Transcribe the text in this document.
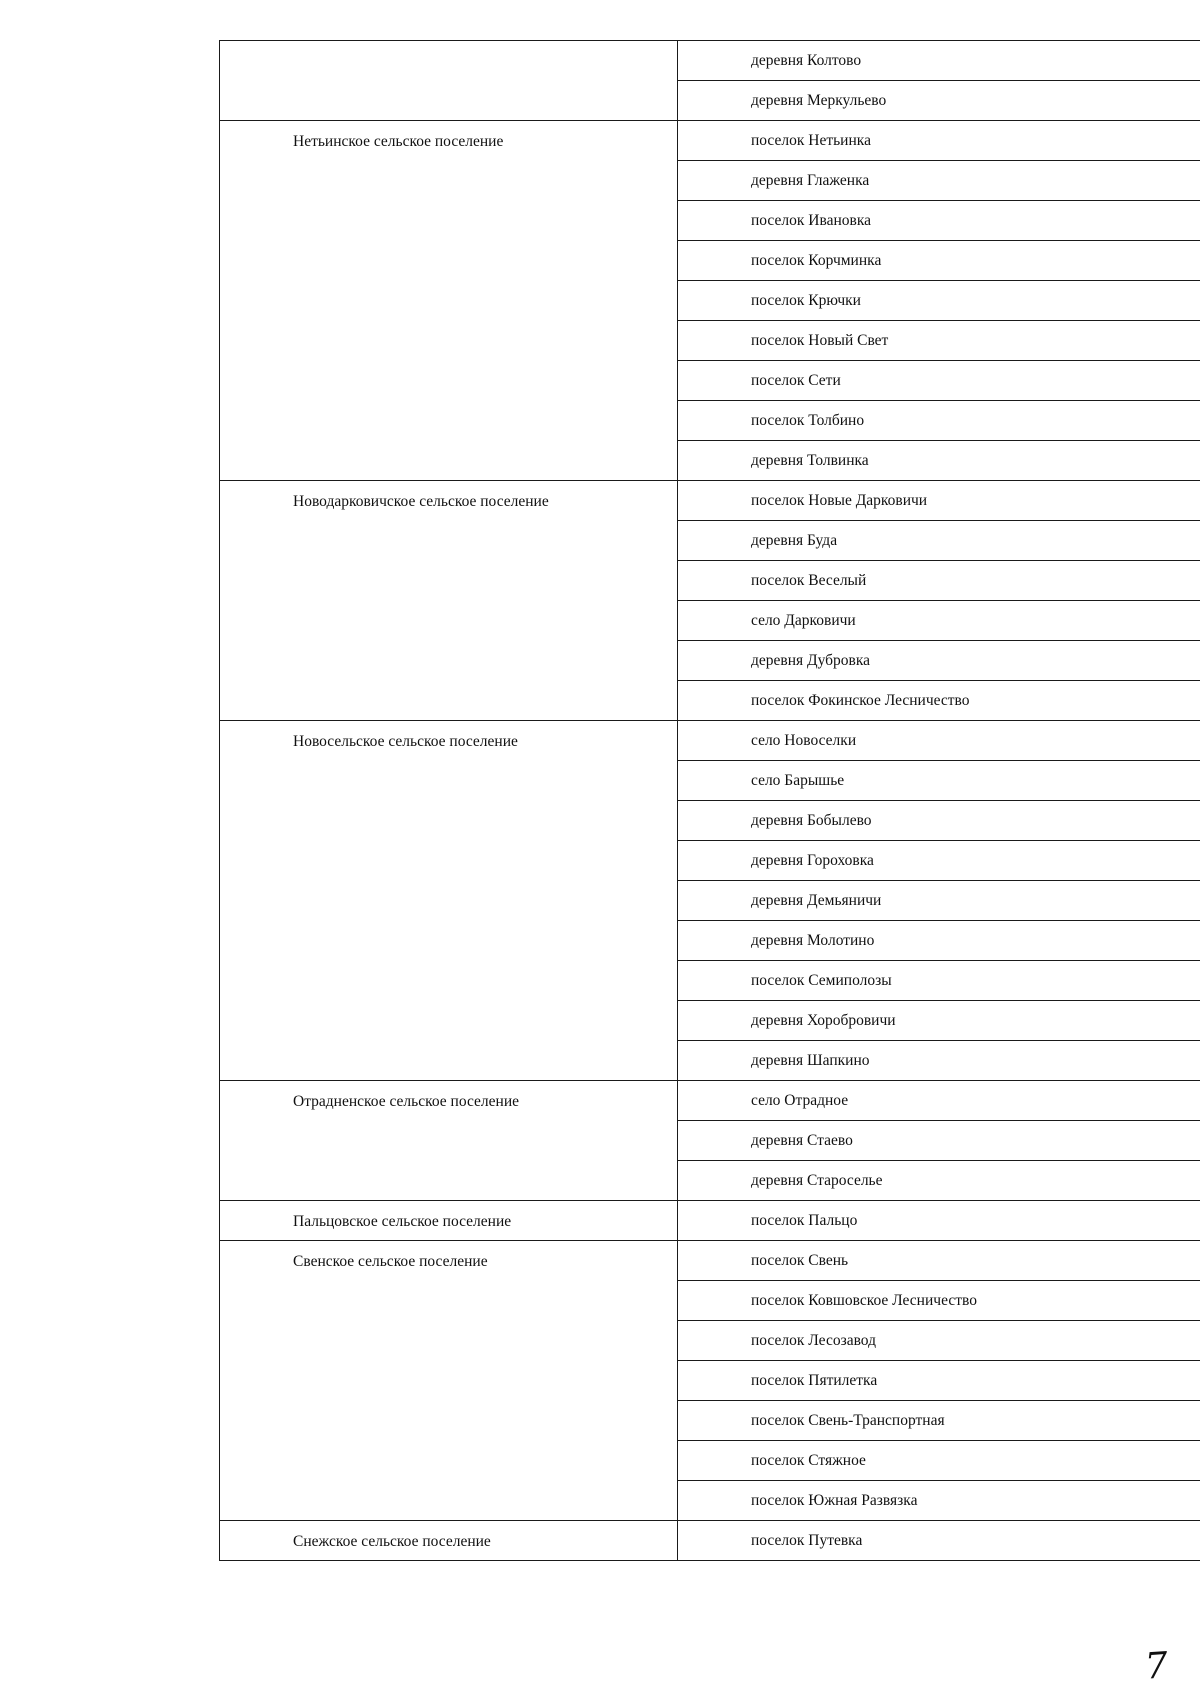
	деревня Колтово

	деревня Меркульево

Нетьинское сельское поселение	поселок Нетьинка

	деревня Глаженка

	поселок Ивановка

	поселок Корчминка

	поселок Крючки

	поселок Новый Свет

	поселок Сети

	поселок Толбино

	деревня Толвинка

Новодарковичское сельское поселение	поселок Новые Дарковичи

	деревня Буда

	поселок Веселый

	село Дарковичи

	деревня Дубровка

	поселок Фокинское Лесничество

Новосельское сельское поселение	село Новоселки

	село Барышье

	деревня Бобылево

	деревня Гороховка

	деревня Демьяничи

	деревня Молотино

	поселок Семиполозы

	деревня Хоробровичи

	деревня Шапкино

Отрадненское сельское поселение	село Отрадное

	деревня Стаево

	деревня Староселье

Пальцовское сельское поселение	поселок Пальцо

Свенское сельское поселение	поселок Свень

	поселок Ковшовское Лесничество

	поселок Лесозавод

	поселок Пятилетка

	поселок Свень-Транспортная

	поселок Стяжное

	поселок Южная Развязка

Снежское сельское поселение	поселок Путевка
7
